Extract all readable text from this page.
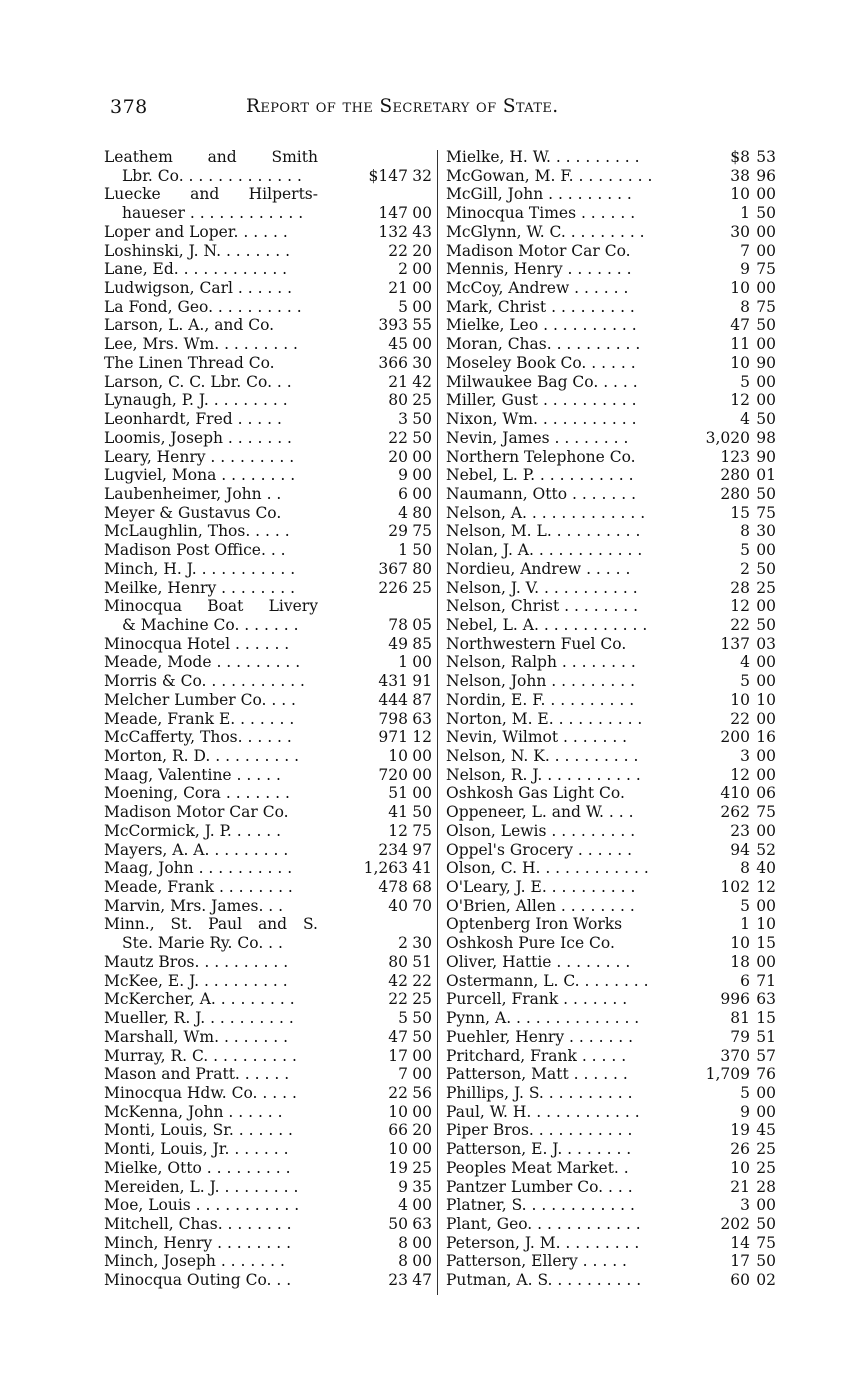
378	Report of the Secretary of State.
Leathem and Smith
Lbr. Co. . . . . . . . . . . . .	$147 32
Luecke and Hilperts-
haueser . . . . . . . . . . . .	147 00
Loper and Loper. . . . . .	132 43
Loshinski, J. N. . . . . . . .	22 20
Lane, Ed. . . . . . . . . . . .	2 00
Ludwigson, Carl . . . . . .	21 00
La Fond, Geo. . . . . . . . . .	5 00
Larson, L. A., and Co.	393 55
Lee, Mrs. Wm. . . . . . . . .	45 00
The Linen Thread Co.	366 30
Larson, C. C. Lbr. Co. . .	21 42
Lynaugh, P. J. . . . . . . . .	80 25
Leonhardt, Fred . . . . .	3 50
Loomis, Joseph . . . . . . .	22 50
Leary, Henry . . . . . . . . .	20 00
Lugviel, Mona . . . . . . . .	9 00
Laubenheimer, John . .	6 00
Meyer & Gustavus Co.	4 80
McLaughlin, Thos. . . . .	29 75
Madison Post Office. . .	1 50
Minch, H. J. . . . . . . . . . .	367 80
Meilke, Henry . . . . . . . .	226 25
Minocqua Boat Livery
& Machine Co. . . . . . .	78 05
Minocqua Hotel . . . . . .	49 85
Meade, Mode . . . . . . . . .	1 00
Morris & Co. . . . . . . . . . .	431 91
Melcher Lumber Co. . . .	444 87
Meade, Frank E. . . . . . .	798 63
McCafferty, Thos. . . . . .	971 12
Morton, R. D. . . . . . . . . .	10 00
Maag, Valentine . . . . .	720 00
Moening, Cora . . . . . . .	51 00
Madison Motor Car Co.	41 50
McCormick, J. P. . . . . .	12 75
Mayers, A. A. . . . . . . . .	234 97
Maag, John . . . . . . . . . .	1,263 41
Meade, Frank . . . . . . . .	478 68
Marvin, Mrs. James. . .	40 70
Minn., St. Paul and S.
Ste. Marie Ry. Co. . .	2 30
Mautz Bros. . . . . . . . . .	80 51
McKee, E. J. . . . . . . . . .	42 22
McKercher, A. . . . . . . . .	22 25
Mueller, R. J. . . . . . . . . .	5 50
Marshall, Wm. . . . . . . .	47 50
Murray, R. C. . . . . . . . . .	17 00
Mason and Pratt. . . . . .	7 00
Minocqua Hdw. Co. . . . .	22 56
McKenna, John . . . . . .	10 00
Monti, Louis, Sr. . . . . . .	66 20
Monti, Louis, Jr. . . . . . .	10 00
Mielke, Otto . . . . . . . . .	19 25
Mereiden, L. J. . . . . . . . .	9 35
Moe, Louis . . . . . . . . . . .	4 00
Mitchell, Chas. . . . . . . .	50 63
Minch, Henry . . . . . . . .	8 00
Minch, Joseph . . . . . . .	8 00
Minocqua Outing Co. . .	23 47
Mielke, H. W. . . . . . . . . .	$8 53
McGowan, M. F. . . . . . . . .	38 96
McGill, John . . . . . . . . .	10 00
Minocqua Times . . . . . .	1 50
McGlynn, W. C. . . . . . . . .	30 00
Madison Motor Car Co.	7 00
Mennis, Henry . . . . . . .	9 75
McCoy, Andrew . . . . . .	10 00
Mark, Christ . . . . . . . . .	8 75
Mielke, Leo . . . . . . . . . .	47 50
Moran, Chas. . . . . . . . . .	11 00
Moseley Book Co. . . . . .	10 90
Milwaukee Bag Co. . . . .	5 00
Miller, Gust . . . . . . . . . .	12 00
Nixon, Wm. . . . . . . . . . .	4 50
Nevin, James . . . . . . . .	3,020 98
Northern Telephone Co.	123 90
Nebel, L. P. . . . . . . . . . .	280 01
Naumann, Otto . . . . . . .	280 50
Nelson, A. . . . . . . . . . . . .	15 75
Nelson, M. L. . . . . . . . . .	8 30
Nolan, J. A. . . . . . . . . . . .	5 00
Nordieu, Andrew . . . . .	2 50
Nelson, J. V. . . . . . . . . . .	28 25
Nelson, Christ . . . . . . . .	12 00
Nebel, L. A. . . . . . . . . . . .	22 50
Northwestern Fuel Co.	137 03
Nelson, Ralph . . . . . . . .	4 00
Nelson, John . . . . . . . . .	5 00
Nordin, E. F. . . . . . . . . .	10 10
Norton, M. E. . . . . . . . . .	22 00
Nevin, Wilmot . . . . . . .	200 16
Nelson, N. K. . . . . . . . . .	3 00
Nelson, R. J. . . . . . . . . . .	12 00
Oshkosh Gas Light Co.	410 06
Oppeneer, L. and W. . . .	262 75
Olson, Lewis . . . . . . . . .	23 00
Oppel's Grocery . . . . . .	94 52
Olson, C. H. . . . . . . . . . . .	8 40
O'Leary, J. E. . . . . . . . . .	102 12
O'Brien, Allen . . . . . . . .	5 00
Optenberg Iron Works	1 10
Oshkosh Pure Ice Co.	10 15
Oliver, Hattie . . . . . . . .	18 00
Ostermann, L. C. . . . . . . .	6 71
Purcell, Frank . . . . . . .	996 63
Pynn, A. . . . . . . . . . . . . .	81 15
Puehler, Henry . . . . . . .	79 51
Pritchard, Frank . . . . .	370 57
Patterson, Matt . . . . . .	1,709 76
Phillips, J. S. . . . . . . . . .	5 00
Paul, W. H. . . . . . . . . . . .	9 00
Piper Bros. . . . . . . . . . .	19 45
Patterson, E. J. . . . . . . .	26 25
Peoples Meat Market. .	10 25
Pantzer Lumber Co. . . .	21 28
Platner, S. . . . . . . . . . . .	3 00
Plant, Geo. . . . . . . . . . . .	202 50
Peterson, J. M. . . . . . . . .	14 75
Patterson, Ellery . . . . .	17 50
Putman, A. S. . . . . . . . . .	60 02
